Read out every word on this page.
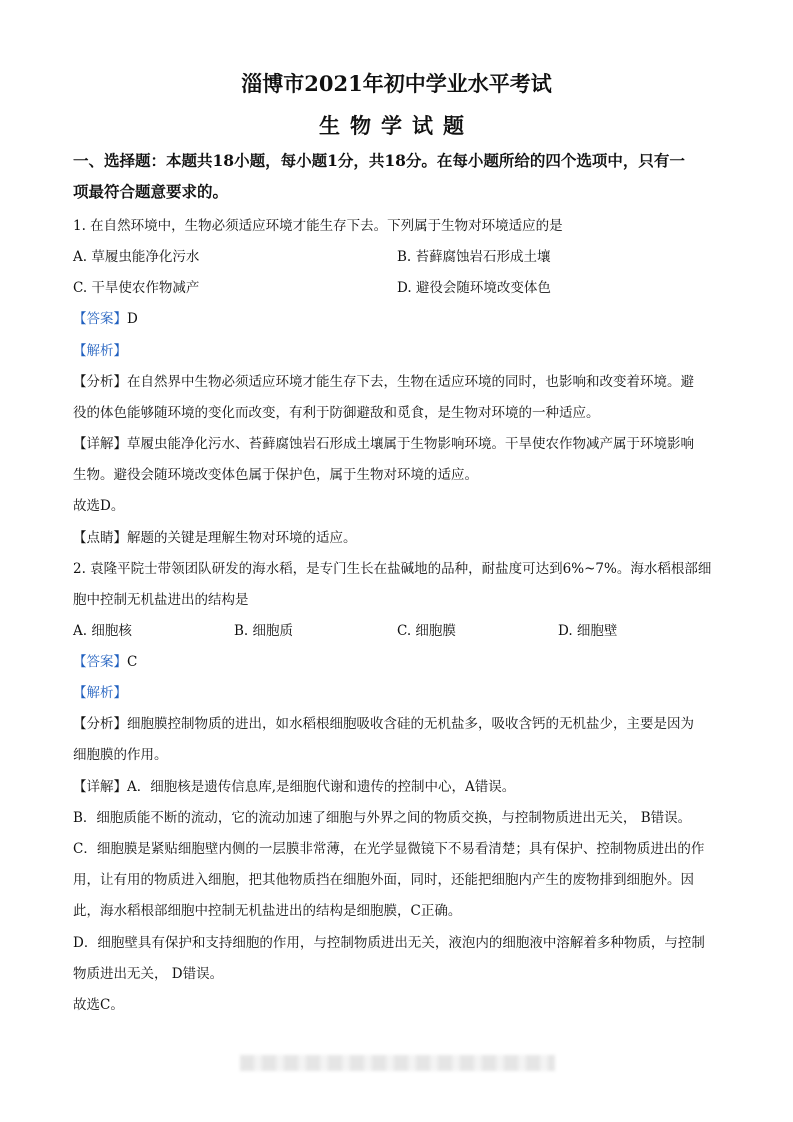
淄博市2021年初中学业水平考试
生物学试题
一、选择题：本题共18小题，每小题1分，共18分。在每小题所给的四个选项中，只有一
项最符合题意要求的。
1. 在自然环境中，生物必须适应环境才能生存下去。下列属于生物对环境适应的是
A. 草履虫能净化污水	B. 苔藓腐蚀岩石形成土壤
C. 干旱使农作物减产	D. 避役会随环境改变体色
【答案】D
【解析】
【分析】在自然界中生物必须适应环境才能生存下去，生物在适应环境的同时，也影响和改变着环境。避
役的体色能够随环境的变化而改变，有利于防御避敌和觅食，是生物对环境的一种适应。
【详解】草履虫能净化污水、苔藓腐蚀岩石形成土壤属于生物影响环境。干旱使农作物减产属于环境影响
生物。避役会随环境改变体色属于保护色，属于生物对环境的适应。
故选D。
【点睛】解题的关键是理解生物对环境的适应。
2. 袁隆平院士带领团队研发的海水稻，是专门生长在盐碱地的品种，耐盐度可达到6%~7%。海水稻根部细
胞中控制无机盐进出的结构是
A. 细胞核	B. 细胞质	C. 细胞膜	D. 细胞壁
【答案】C
【解析】
【分析】细胞膜控制物质的进出，如水稻根细胞吸收含硅的无机盐多，吸收含钙的无机盐少，主要是因为
细胞膜的作用。
【详解】A．细胞核是遗传信息库,是细胞代谢和遗传的控制中心，A错误。
B．细胞质能不断的流动，它的流动加速了细胞与外界之间的物质交换，与控制物质进出无关， B错误。
C．细胞膜是紧贴细胞壁内侧的一层膜非常薄，在光学显微镜下不易看清楚；具有保护、控制物质进出的作
用，让有用的物质进入细胞，把其他物质挡在细胞外面，同时，还能把细胞内产生的废物排到细胞外。因
此，海水稻根部细胞中控制无机盐进出的结构是细胞膜，C正确。
D．细胞壁具有保护和支持细胞的作用，与控制物质进出无关，液泡内的细胞液中溶解着多种物质，与控制
物质进出无关， D错误。
故选C。
